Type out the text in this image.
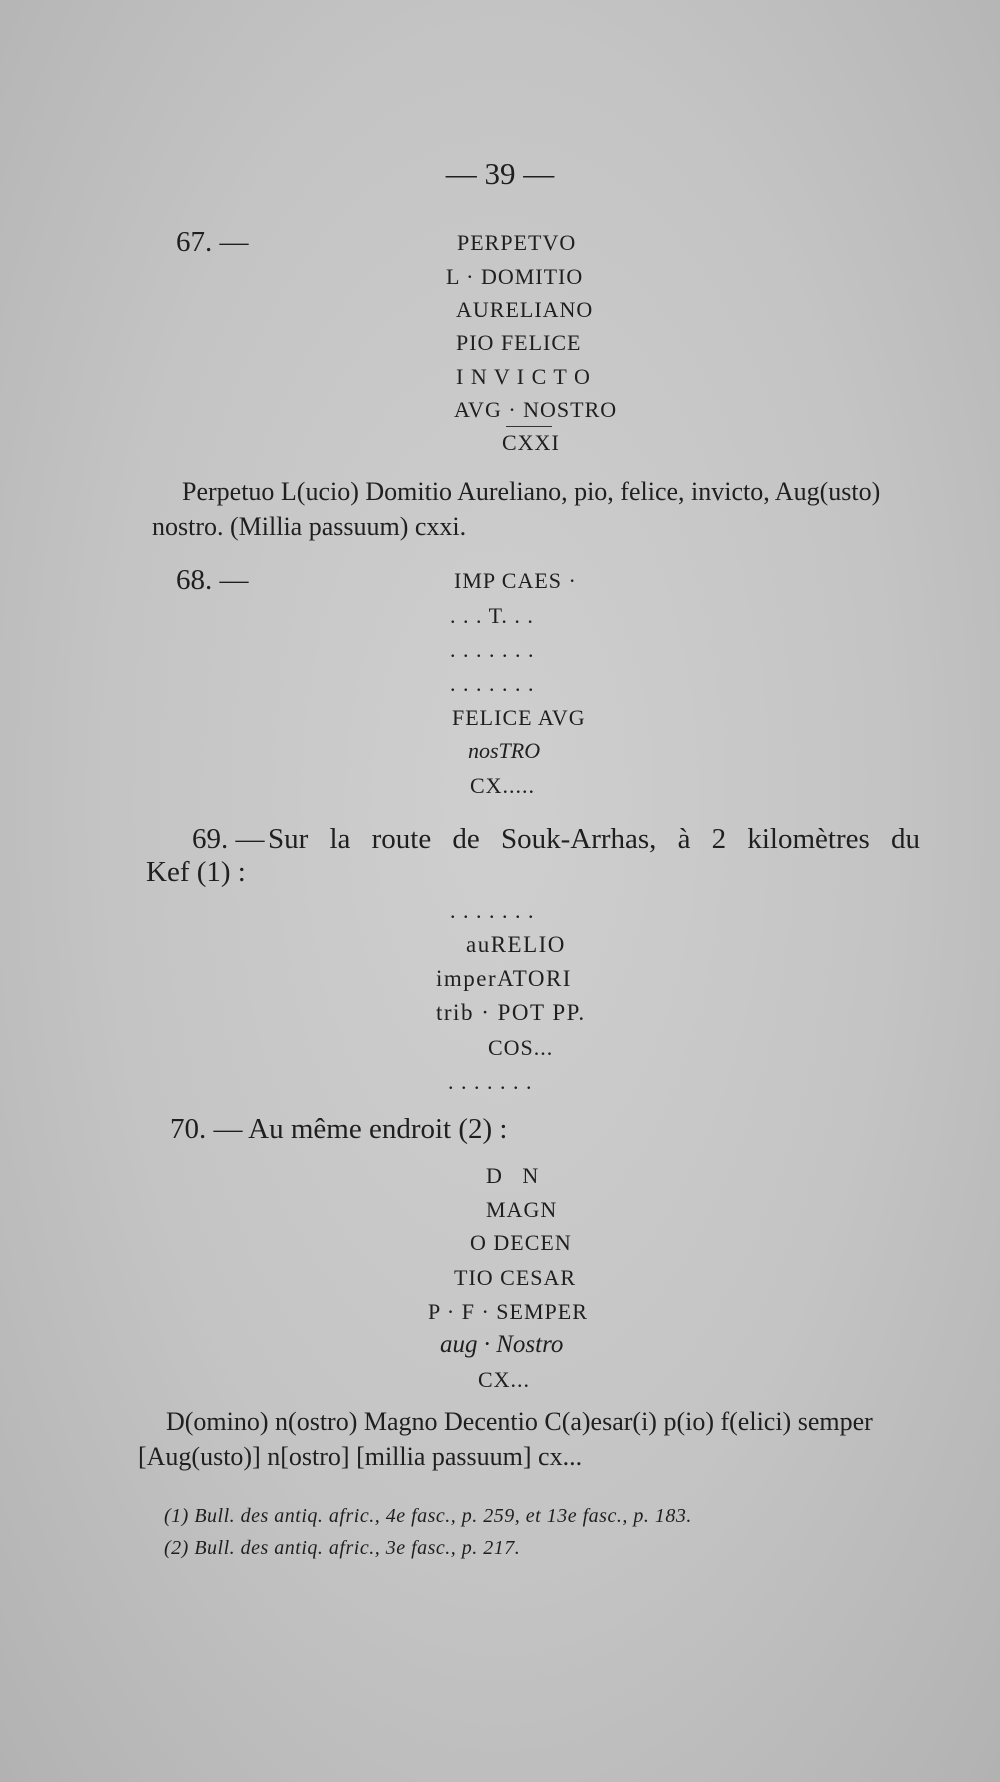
— 39 —
67. —	PERPETVO
L · DOMITIO
AURELIANO
PIO FELICE
I N V I C T O
AVG · NOSTRO
CXXI
Perpetuo L(ucio) Domitio Aureliano, pio, felice, invicto, Aug(usto)
nostro. (Millia passuum) cxxi.
68. —	IMP CAES ·
. . . T. . .
. . . . . . .
. . . . . . .
FELICE AVG
nosTRO
CX.....
69. — Sur la route de Souk-Arrhas, à 2 kilomètres du
Kef (1) :
. . . . . . .
auRELIO
imperATORI
trib · POT PP.
COS...
. . . . . . .
70. — Au même endroit (2) :
D   N
MAGN
O DECEN
TIO CESAR
P · F · SEMPER
aug · Nostro
CX...
D(omino) n(ostro) Magno Decentio C(a)esar(i) p(io) f(elici) semper
[Aug(usto)] n[ostro] [millia passuum] cx...
(1) Bull. des antiq. afric., 4e fasc., p. 259, et 13e fasc., p. 183.
(2) Bull. des antiq. afric., 3e fasc., p. 217.
